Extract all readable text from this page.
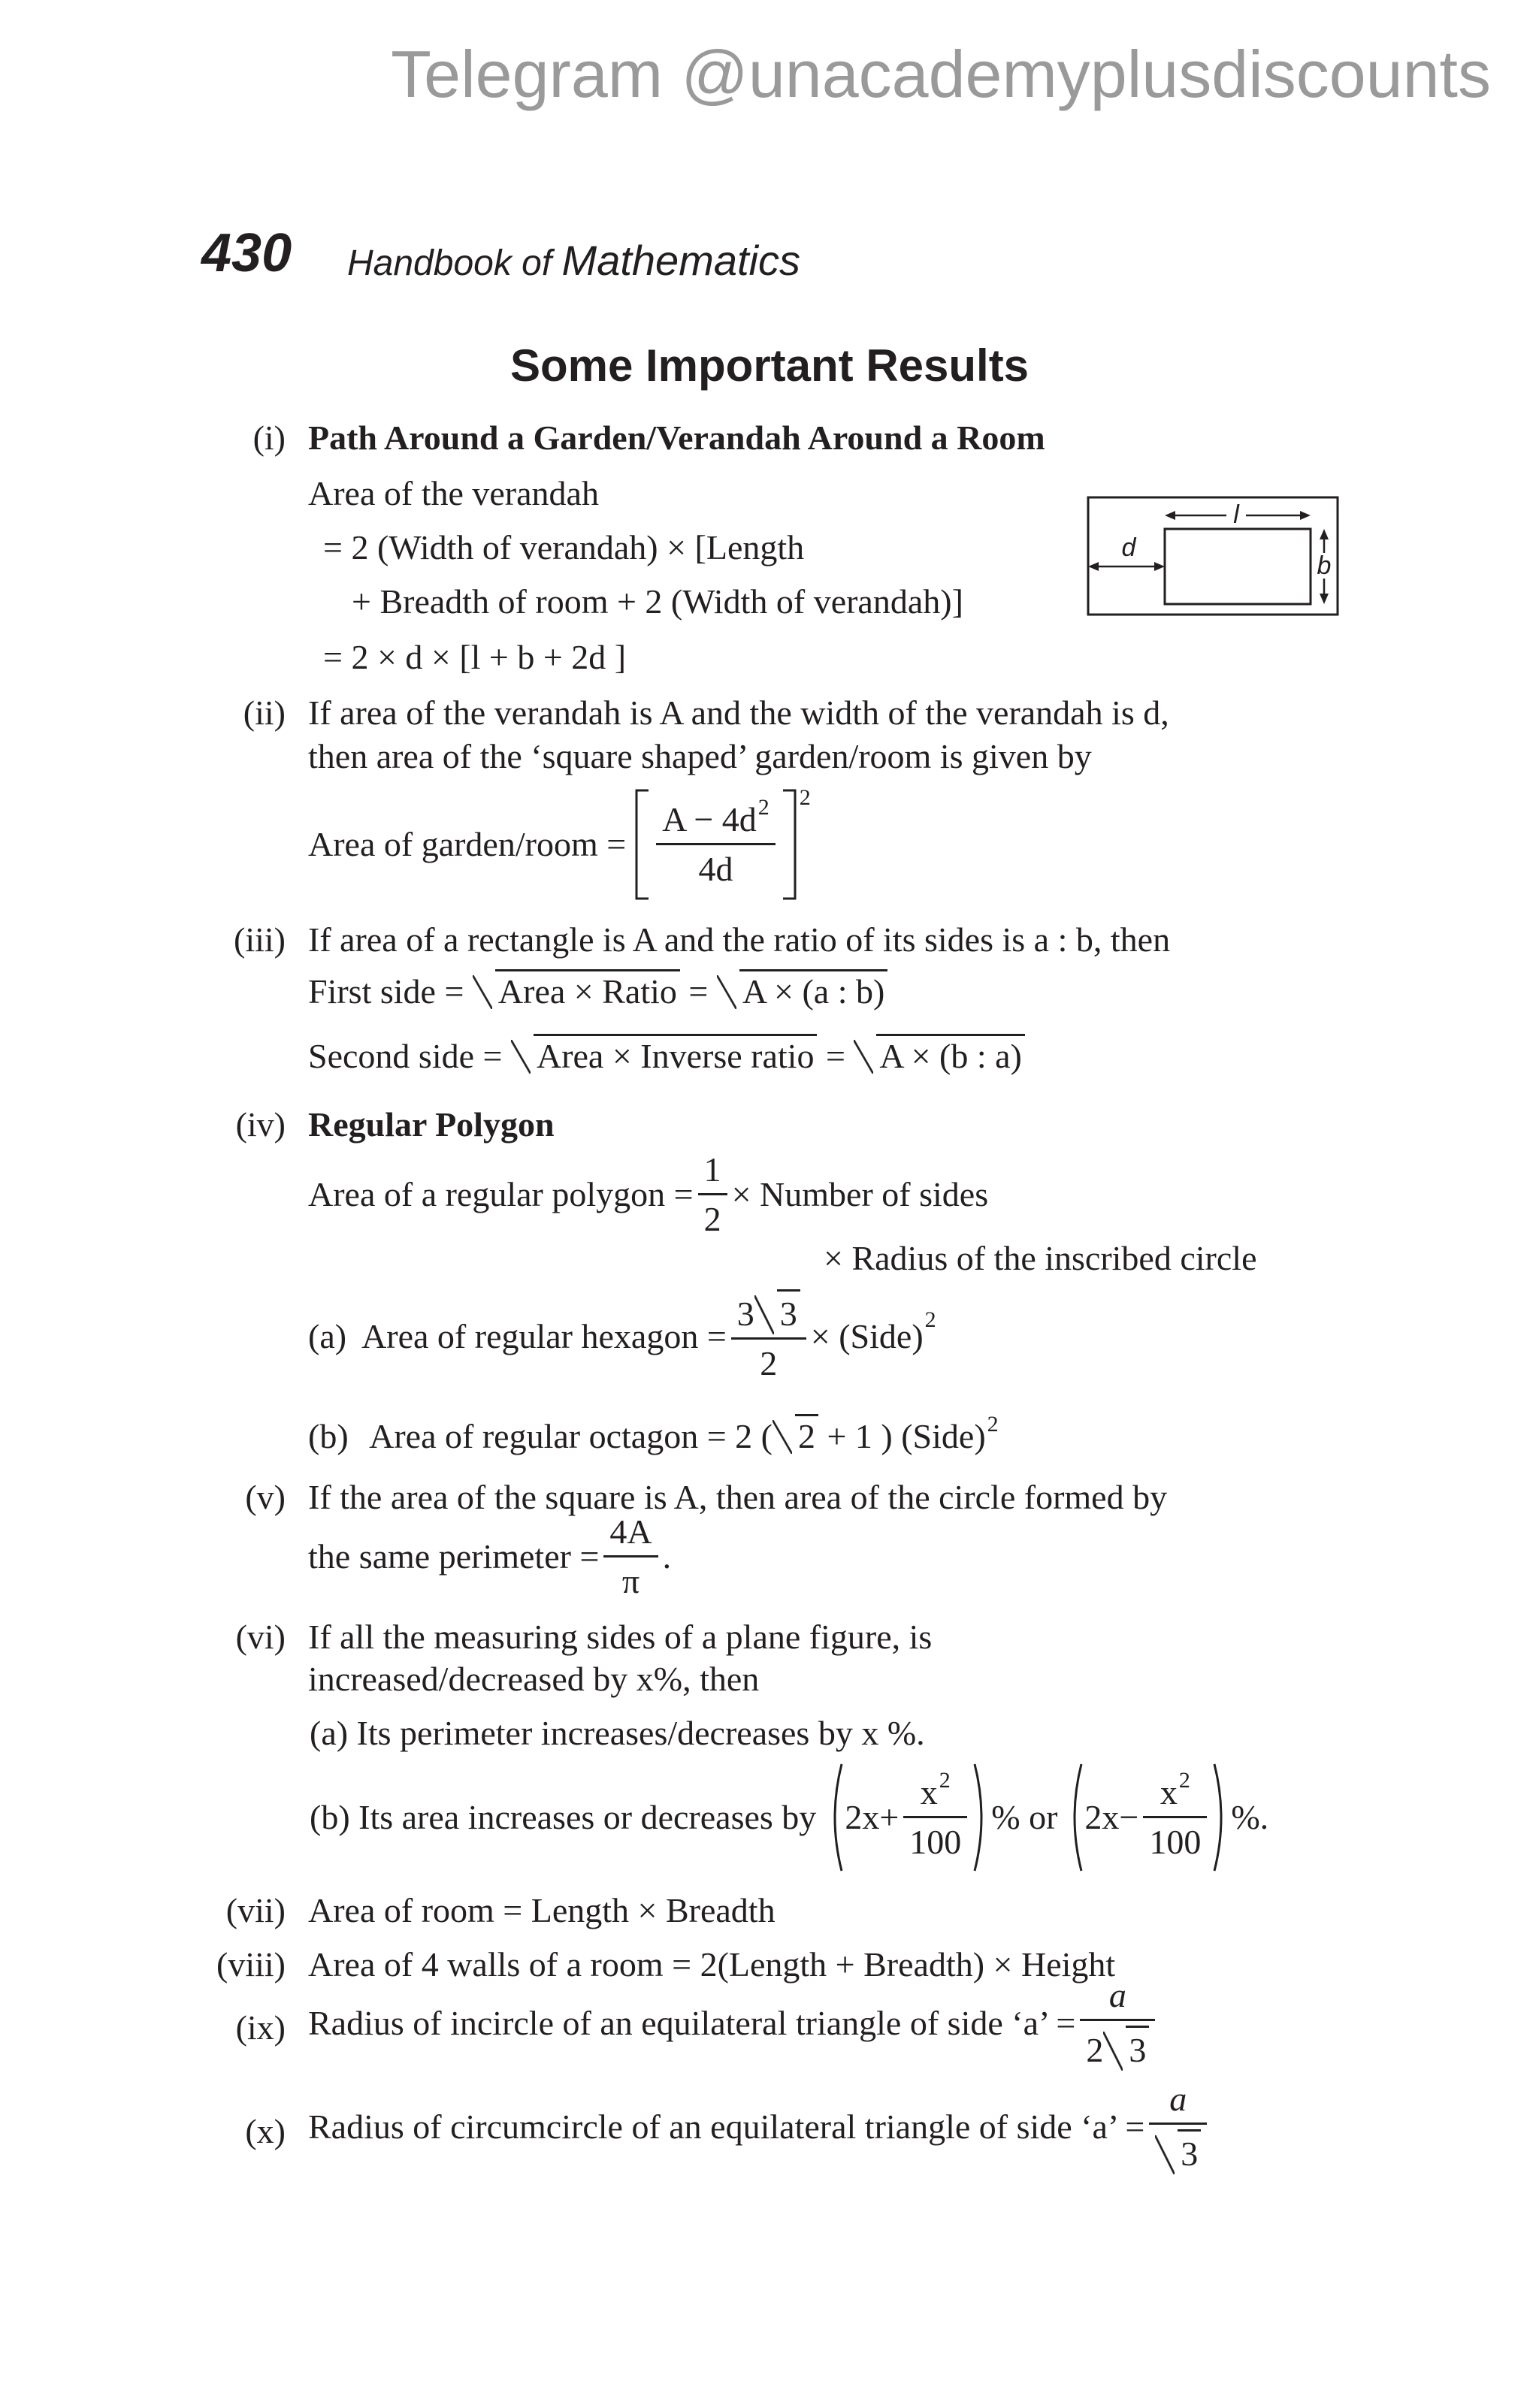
Telegram @unacademyplusdiscounts
430 Handbook of Mathematics
Some Important Results
(i) Path Around a Garden/Verandah Around a Room
Area of the verandah
= 2 (Width of verandah) × [Length
+ Breadth of room + 2 (Width of verandah)]
= 2 × d × [l + b + 2d ]
l
b
d
(ii) If area of the verandah is A and the width of the verandah is d,
then area of the ‘square shaped’ garden/room is given by
Area of garden/room = $\frac{A - 4d^2}{4d}$
2
(iii) If area of a rectangle is A and the ratio of its sides is a : b, then
First side = Area × Ratio = A × (a : b)
Second side = Area × Inverse ratio = A × (b : a)
(iv) Regular Polygon
Area of a regular polygon = $\frac{1}{2}$ × Number of sides
× Radius of the inscribed circle
(a) Area of regular hexagon = $\frac{3 3}{2}$ × (Side) 2
(b) Area of regular octagon = 2 ( 2 + 1 ) (Side)$^2$
(v) If the area of the square is A, then area of the circle formed by
the same perimeter = $\frac{4A}{\pi}$ .
(vi) If all the measuring sides of a plane figure, is
increased/decreased by x%, then
(a) Its perimeter increases/decreases by x %.
(b) Its area increases or decreases by $2x+ \frac{x^2}{100}$ % or $2x- \frac{x^2}{100}$ %.
(vii) Area of room = Length × Breadth
(viii) Area of 4 walls of a room = 2(Length + Breadth) × Height
(ix) Radius of incircle of an equilateral triangle of side ‘a’ = $\frac{a}{2 3}$
(x) Radius of circumcircle of an equilateral triangle of side ‘a’ = $\frac{a}{3}$
